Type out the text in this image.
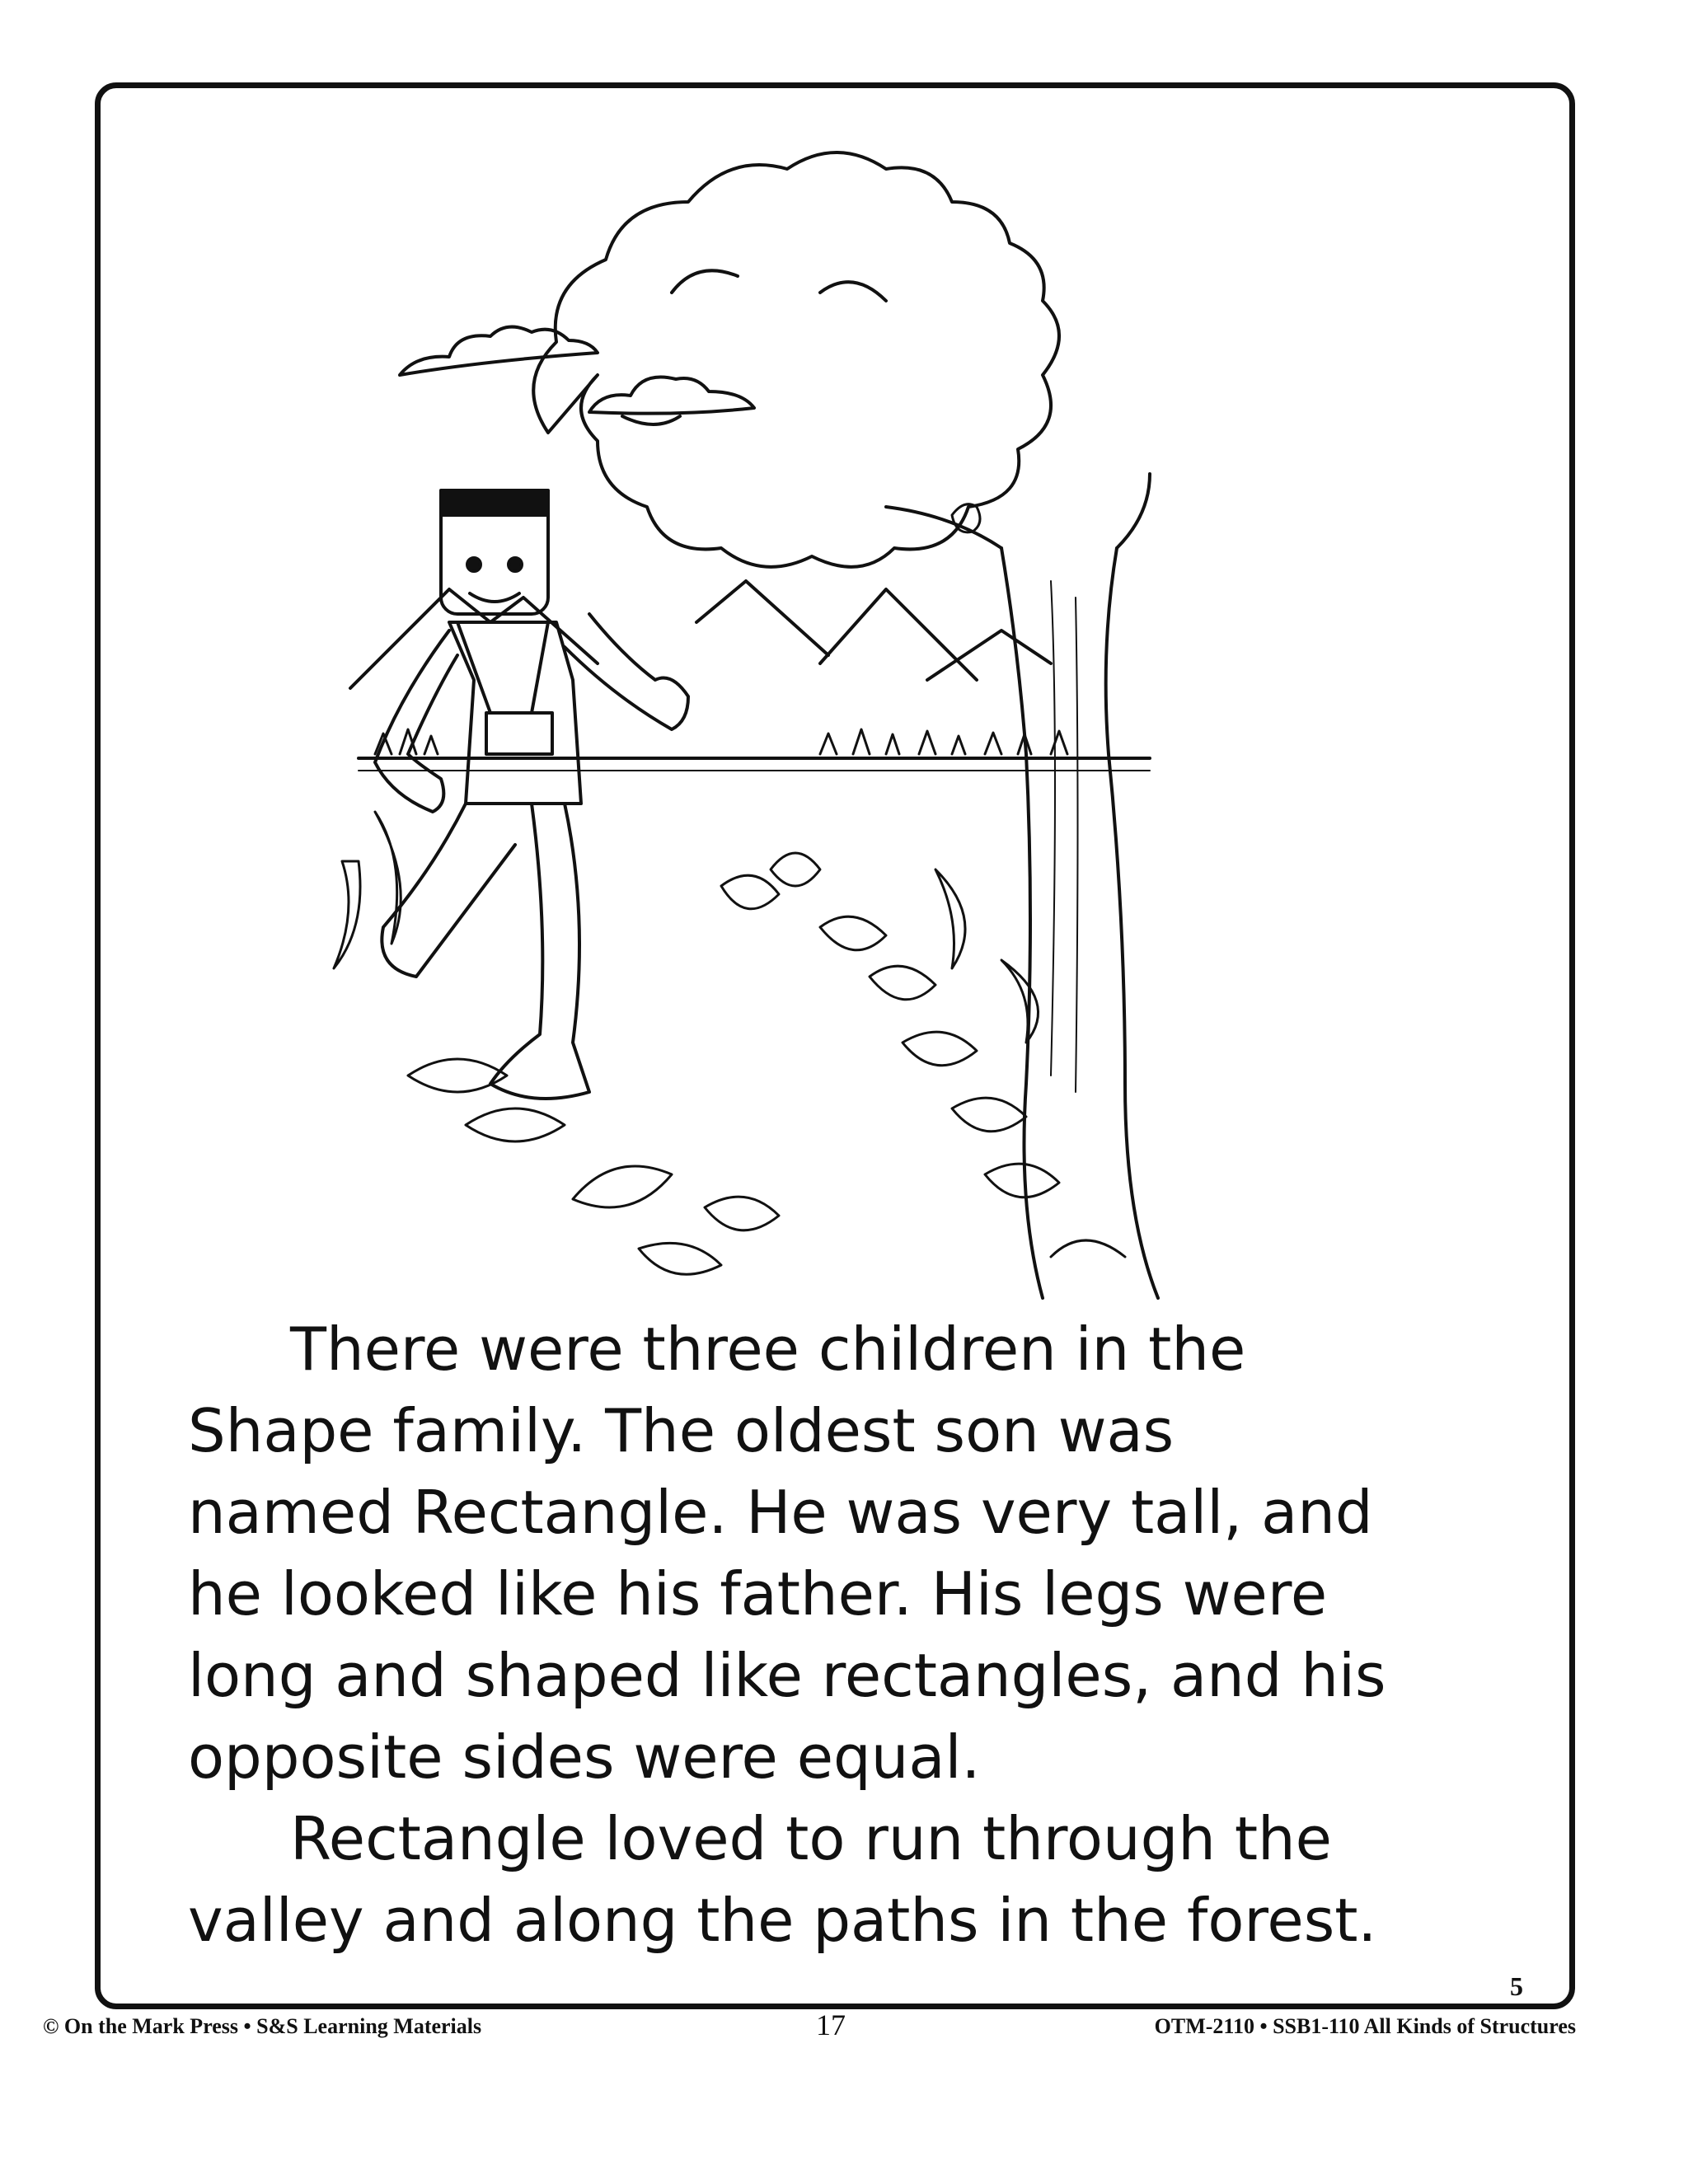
There were three children in the
Shape family. The oldest son was
named Rectangle. He was very tall, and
he looked like his father. His legs were
long and shaped like rectangles, and his
opposite sides were equal.

Rectangle loved to run through the
valley and along the paths in the forest.

5
© On the Mark Press • S&S Learning Materials	17	OTM-2110 • SSB1-110 All Kinds of Structures
